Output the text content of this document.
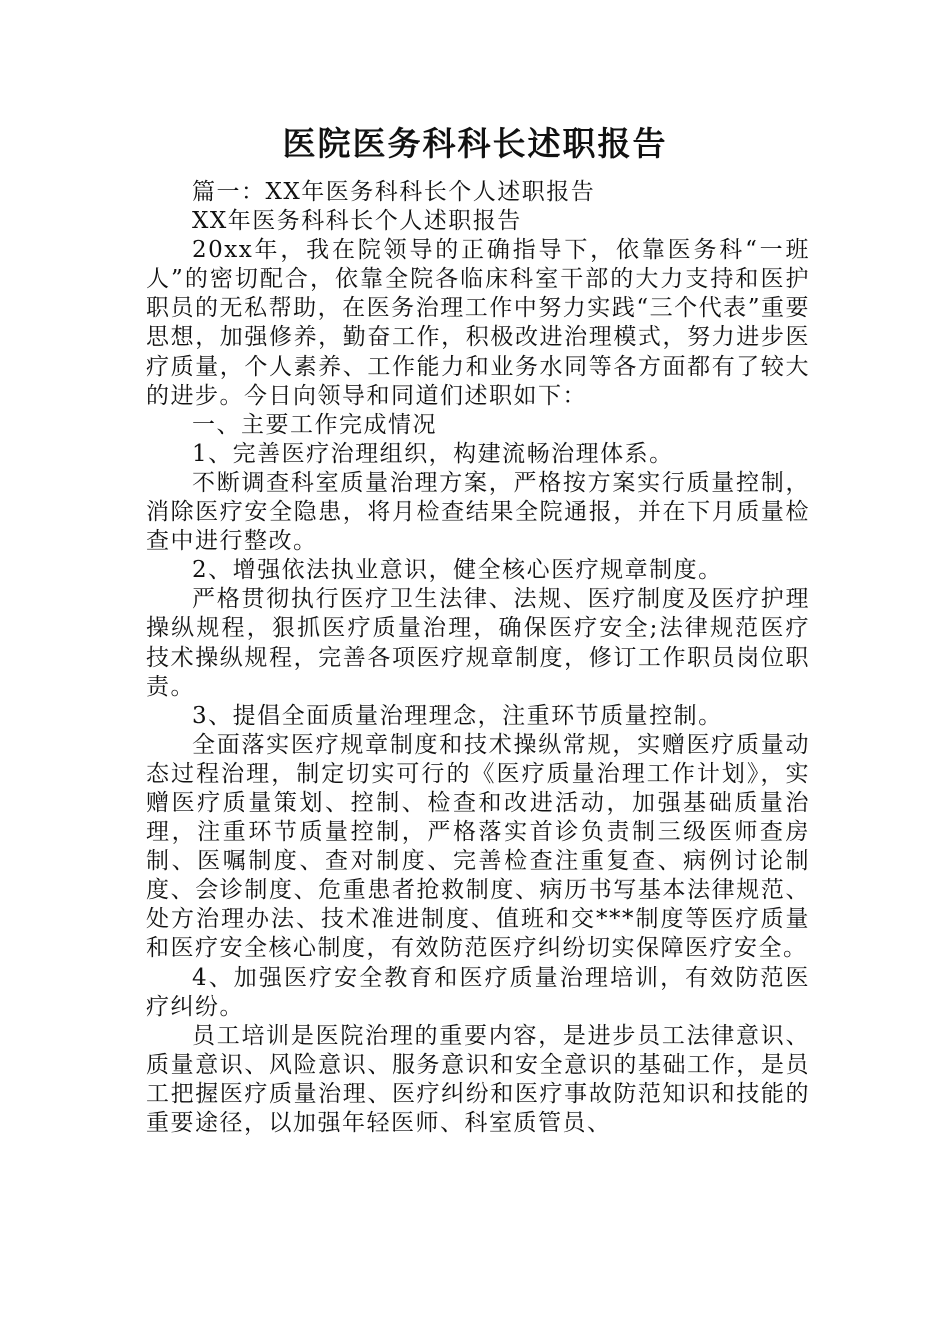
医院医务科科长述职报告

篇一：XX年医务科科长个人述职报告

XX年医务科科长个人述职报告

20xx年，我在院领导的正确指导下，依靠医务科“一班人”的密切配合，依靠全院各临床科室干部的大力支持和医护职员的无私帮助，在医务治理工作中努力实践“三个代表”重要思想，加强修养，勤奋工作，积极改进治理模式，努力进步医疗质量，个人素养、工作能力和业务水同等各方面都有了较大的进步。今日向领导和同道们述职如下：

一、主要工作完成情况

1、完善医疗治理组织，构建流畅治理体系。

不断调查科室质量治理方案，严格按方案实行质量控制，消除医疗安全隐患，将月检查结果全院通报，并在下月质量检查中进行整改。

2、增强依法执业意识，健全核心医疗规章制度。

严格贯彻执行医疗卫生法律、法规、医疗制度及医疗护理操纵规程，狠抓医疗质量治理，确保医疗安全;法律规范医疗技术操纵规程，完善各项医疗规章制度，修订工作职员岗位职责。

3、提倡全面质量治理理念，注重环节质量控制。

全面落实医疗规章制度和技术操纵常规，实赠医疗质量动态过程治理，制定切实可行的《医疗质量治理工作计划》，实赠医疗质量策划、控制、检查和改进活动，加强基础质量治理，注重环节质量控制，严格落实首诊负责制三级医师查房制、医嘱制度、查对制度、完善检查注重复查、病例讨论制度、会诊制度、危重患者抢救制度、病历书写基本法律规范、处方治理办法、技术准进制度、值班和交***制度等医疗质量和医疗安全核心制度，有效防范医疗纠纷切实保障医疗安全。

4、加强医疗安全教育和医疗质量治理培训，有效防范医疗纠纷。

员工培训是医院治理的重要内容，是进步员工法律意识、质量意识、风险意识、服务意识和安全意识的基础工作，是员工把握医疗质量治理、医疗纠纷和医疗事故防范知识和技能的重要途径，以加强年轻医师、科室质管员、
